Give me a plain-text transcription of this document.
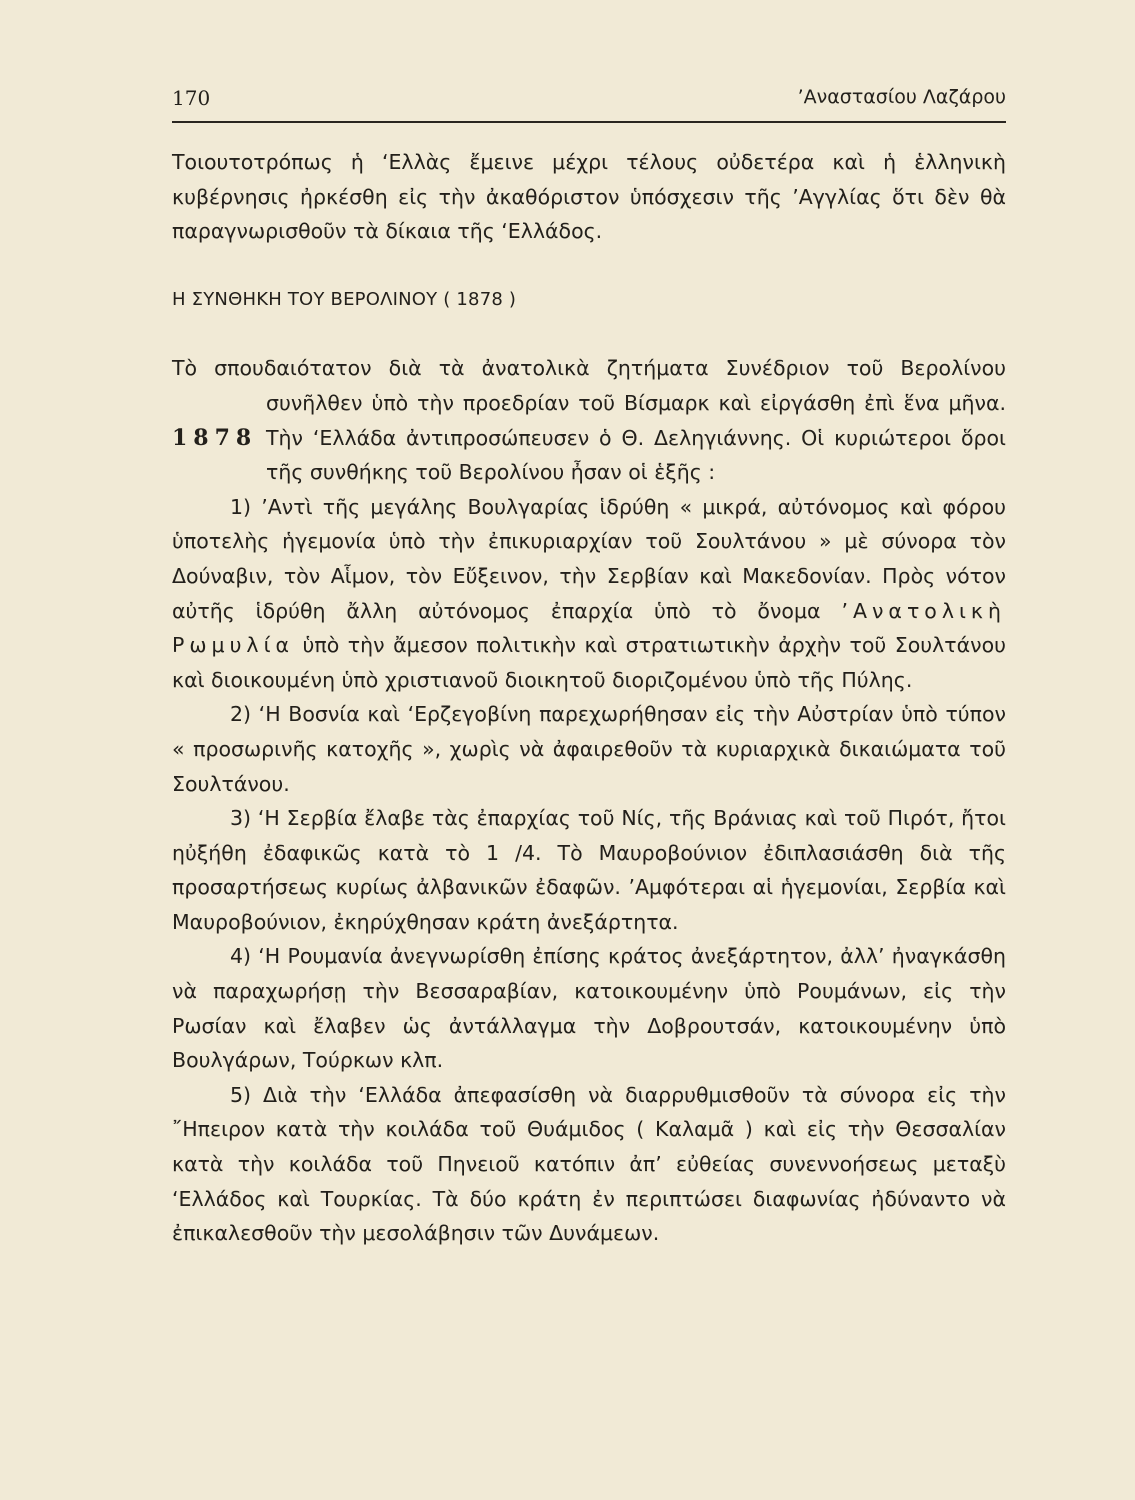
170	’Αναστασίου Λαζάρου

Τοιουτοτρόπως ἡ ‘Ελλὰς ἔμεινε μέχρι τέλους οὐδετέρα καὶ ἡ ἑλληνικὴ κυβέρνησις ἠρκέσθη εἰς τὴν ἀκαθόριστον ὑπόσχεσιν τῆς ’Αγγλίας ὅτι δὲν θὰ παραγνωρισθοῦν τὰ δίκαια τῆς ‘Ελλάδος.

Η ΣΥΝΘΗΚΗ ΤΟΥ ΒΕΡΟΛΙΝΟΥ ( 1878 )

1878

Τὸ σπουδαιότατον διὰ τὰ ἀνατολικὰ ζητήματα Συνέδριον τοῦ Βερολίνου συνῆλθεν ὑπὸ τὴν προεδρίαν τοῦ Βίσμαρκ καὶ εἰργάσθη ἐπὶ ἕνα μῆνα. Τὴν ‘Ελλάδα ἀντιπροσώπευσεν ὁ Θ. Δεληγιάννης. Οἱ κυριώτεροι ὅροι τῆς συνθήκης τοῦ Βερολίνου ἦσαν οἱ ἑξῆς :

1) ’Αντὶ τῆς μεγάλης Βουλγαρίας ἱδρύθη « μικρά, αὐτόνομος καὶ φόρου ὑποτελὴς ἡγεμονία ὑπὸ τὴν ἐπικυριαρχίαν τοῦ Σουλτάνου » μὲ σύνορα τὸν Δούναβιν, τὸν Αἷμον, τὸν Εὔξεινον, τὴν Σερβίαν καὶ Μακεδονίαν. Πρὸς νότον αὐτῆς ἱδρύθη ἄλλη αὐτόνομος ἐπαρχία ὑπὸ τὸ ὄνομα ’Ανατολικὴ Ρωμυλία ὑπὸ τὴν ἄμεσον πολιτικὴν καὶ στρατιωτικὴν ἀρχὴν τοῦ Σουλτάνου καὶ διοικουμένη ὑπὸ χριστιανοῦ διοικητοῦ διοριζομένου ὑπὸ τῆς Πύλης.

2) ‘Η Βοσνία καὶ ‘Ερζεγοβίνη παρεχωρήθησαν εἰς τὴν Αὐστρίαν ὑπὸ τύπον « προσωρινῆς κατοχῆς », χωρὶς νὰ ἀφαιρεθοῦν τὰ κυριαρχικὰ δικαιώματα τοῦ Σουλτάνου.

3) ‘Η Σερβία ἔλαβε τὰς ἐπαρχίας τοῦ Νίς, τῆς Βράνιας καὶ τοῦ Πιρότ, ἤτοι ηὐξήθη ἐδαφικῶς κατὰ τὸ 1 /4. Τὸ Μαυροβούνιον ἐδιπλασιάσθη διὰ τῆς προσαρτήσεως κυρίως ἀλβανικῶν ἐδαφῶν. ’Αμφότεραι αἱ ἡγεμονίαι, Σερβία καὶ Μαυροβούνιον, ἐκηρύχθησαν κράτη ἀνεξάρτητα.

4) ‘Η Ρουμανία ἀνεγνωρίσθη ἐπίσης κράτος ἀνεξάρτητον, ἀλλ’ ἠναγκάσθη νὰ παραχωρήσῃ τὴν Βεσσαραβίαν, κατοικουμένην ὑπὸ Ρουμάνων, εἰς τὴν Ρωσίαν καὶ ἔλαβεν ὡς ἀντάλλαγμα τὴν Δοβρουτσάν, κατοικουμένην ὑπὸ Βουλγάρων, Τούρκων κλπ.

5) Διὰ τὴν ‘Ελλάδα ἀπεφασίσθη νὰ διαρρυθμισθοῦν τὰ σύνορα εἰς τὴν ῎Ηπειρον κατὰ τὴν κοιλάδα τοῦ Θυάμιδος ( Καλαμᾶ ) καὶ εἰς τὴν Θεσσαλίαν κατὰ τὴν κοιλάδα τοῦ Πηνειοῦ κατόπιν ἀπ’ εὐθείας συνεννοήσεως μεταξὺ ‘Ελλάδος καὶ Τουρκίας. Τὰ δύο κράτη ἐν περιπτώσει διαφωνίας ἠδύναντο νὰ ἐπικαλεσθοῦν τὴν μεσολάβησιν τῶν Δυνάμεων.
